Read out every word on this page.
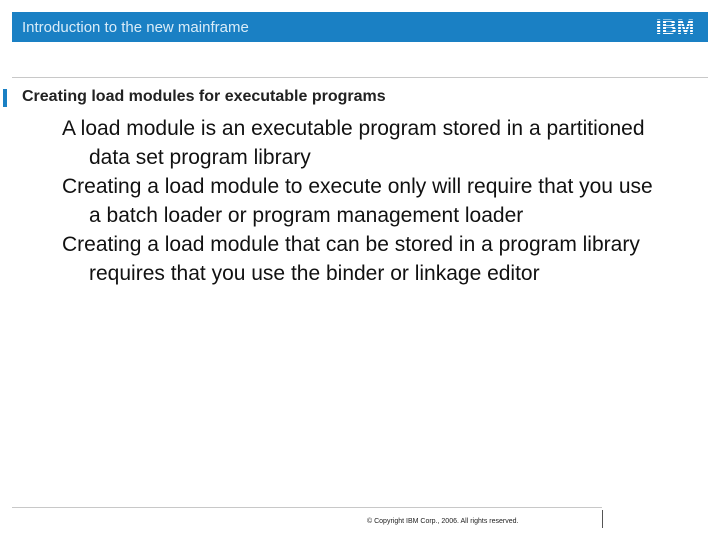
Introduction to the new mainframe	IBM
Creating load modules for executable programs
A load module is an executable program stored in a partitioned data set program library
Creating a load module to execute only will require that you use a batch loader or program management loader
Creating a load module that can be stored in a program library requires that you use the binder or linkage editor
© Copyright IBM Corp., 2006. All rights reserved.
